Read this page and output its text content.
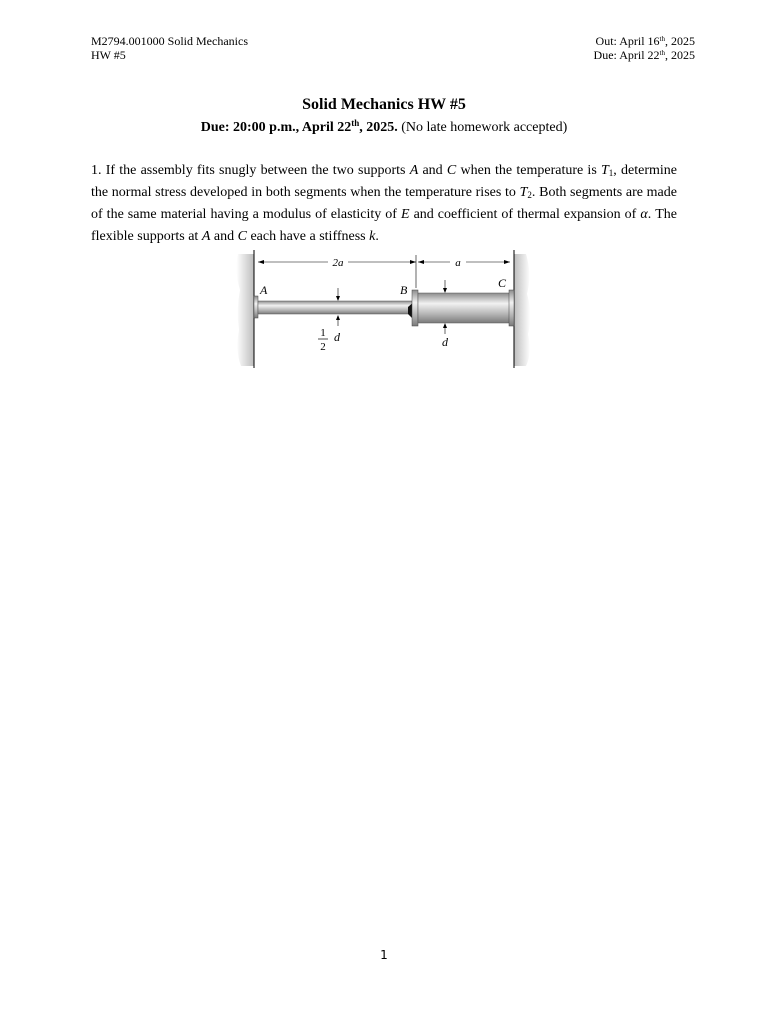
M2794.001000 Solid Mechanics
HW #5
Out: April 16th, 2025
Due: April 22th, 2025
Solid Mechanics HW #5
Due: 20:00 p.m., April 22th, 2025. (No late homework accepted)
1. If the assembly fits snugly between the two supports A and C when the temperature is $T_1$, determine the normal stress developed in both segments when the temperature rises to $T_2$. Both segments are made of the same material having a modulus of elasticity of E and coefficient of thermal expansion of α. The flexible supports at A and C each have a stiffness k.
2a	a
A	B	C
1
2
d	d
1
